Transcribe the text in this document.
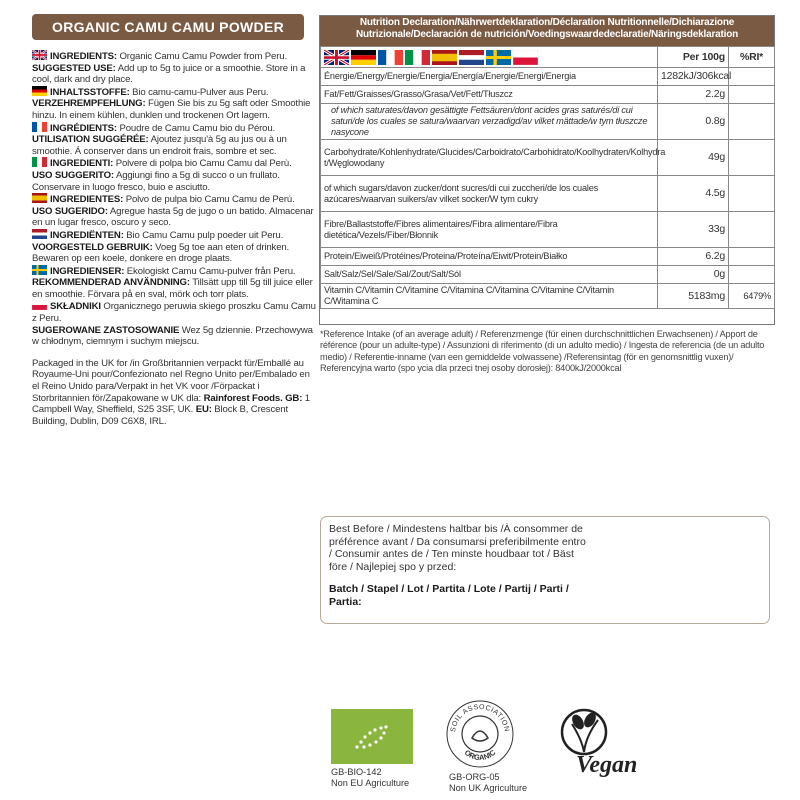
ORGANIC CAMU CAMU POWDER
INGREDIENTS: Organic Camu Camu Powder from Peru.
SUGGESTED USE: Add up to 5g to juice or a smoothie. Store in a cool, dark and dry place.
INHALTSSTOFFE: Bio camu-camu-Pulver aus Peru.
VERZEHREMPFEHLUNG: Fügen Sie bis zu 5g saft oder Smoothie hinzu. In einem kühlen, dunklen und trockenen Ort lagern.
INGRÉDIENTS: Poudre de Camu Camu bio du Pérou.
UTILISATION SUGGÉRÉE: Ajoutez jusqu'à 5g au jus ou à un smoothie. Á conserver dans un endroit frais, sombre et sec.
INGREDIENTI: Polvere di polpa bio Camu Camu dal Perù.
USO SUGGERITO: Aggiungi fino a 5g di succo o un frullato. Conservare in luogo fresco, buio e asciutto.
INGREDIENTES: Polvo de pulpa bio Camu Camu de Perú.
USO SUGERIDO: Agregue hasta 5g de jugo o un batido. Almacenar en un lugar fresco, oscuro y seco.
INGREDIËNTEN: Bio Camu Camu pulp poeder uit Peru.
VOORGESTELD GEBRUIK: Voeg 5g toe aan eten of drinken. Bewaren op een koele, donkere en droge plaats.
INGREDIENSER: Ekologiskt Camu Camu-pulver från Peru.
REKOMMENDERAD ANVÄNDNING: Tillsätt upp till 5g till juice eller en smoothie. Förvara på en sval, mörk och torr plats.
SKŁADNIKI Organicznego peruwia skiego proszku Camu Camu z Peru.
SUGEROWANE ZASTOSOWANIE Wez 5g dziennie. Przechowywa w chłodnym, ciemnym i suchym miejscu.
Packaged in the UK for /in Großbritannien verpackt für/Emballé au Royaume-Uni pour/Confezionato nel Regno Unito per/Embalado en el Reino Unido para/Verpakt in het VK voor /Förpackat i Storbritannien för/Zapakowane w UK dla: Rainforest Foods. GB: 1 Campbell Way, Sheffield, S25 3SF, UK. EU: Block B, Crescent Building, Dublin, D09 C6X8, IRL.
Nutrition Declaration/Nährwertdeklaration/Déclaration Nutritionnelle/Dichiarazione
Nutrizionale/Declaración de nutrición/Voedingswaardedeclaratie/Näringsdeklaration
	Per 100g	%RI*
Énergie/Energy/Energie/Energia/Energía/Energie/Energi/Energia	1282kJ/306kcal	
Fat/Fett/Graisses/Grasso/Grasa/Vet/Fett/Tłuszcz	2.2g	
of which saturates/davon gesättigte Fettsäuren/dont acides gras saturés/di cui saturi/de los cuales se satura/waarvan verzadigd/av vilket mättade/w tym tłuszcze nasycone	0.8g	
Carbohydrate/Kohlenhydrate/Glucides/Carboidrato/Carbohidrato/Koolhydraten/Kolhydra t/Węglowodany	49g	
of which sugars/davon zucker/dont sucres/di cui zuccheri/de los cuales azúcares/waarvan suikers/av vilket socker/W tym cukry	4.5g	
Fibre/Ballaststoffe/Fibres alimentaires/Fibra alimentare/Fibra dietética/Vezels/Fiber/Błonnik	33g	
Protein/Eiweiß/Protéines/Proteina/Proteína/Eiwit/Protein/Białko	6.2g	
Salt/Salz/Sel/Sale/Sal/Zout/Salt/Sól	0g	
Vitamin C/Vitamin C/Vitamine C/Vitamina C/Vitamina C/Vitamine C/Vitamin C/Witamina C	5183mg	6479%
*Reference Intake (of an average adult) / Referenzmenge (für einen durchschnittlichen Erwachsenen) / Apport de référence (pour un adulte-type) / Assunzioni di riferimento (di un adulto medio) / Ingesta de referencia (de un adulto medio) / Referentie-inname (van een gemiddelde volwassene) /Referensintag (för en genomsnittlig vuxen)/ Referencyjna warto (spo ycia dla przeci tnej osoby dorosłej): 8400kJ/2000kcal
Best Before / Mindestens haltbar bis /À consommer de préférence avant / Da consumarsi preferibilmente entro / Consumir antes de / Ten minste houdbaar tot / Bäst före / Najlepiej spo y przed:
Batch / Stapel / Lot / Partita / Lote / Partij / Parti / Partia:
GB-BIO-142
Non EU Agriculture
SOIL ASSOCIATION
ORGANIC
GB-ORG-05
Non UK Agriculture
Vegan
